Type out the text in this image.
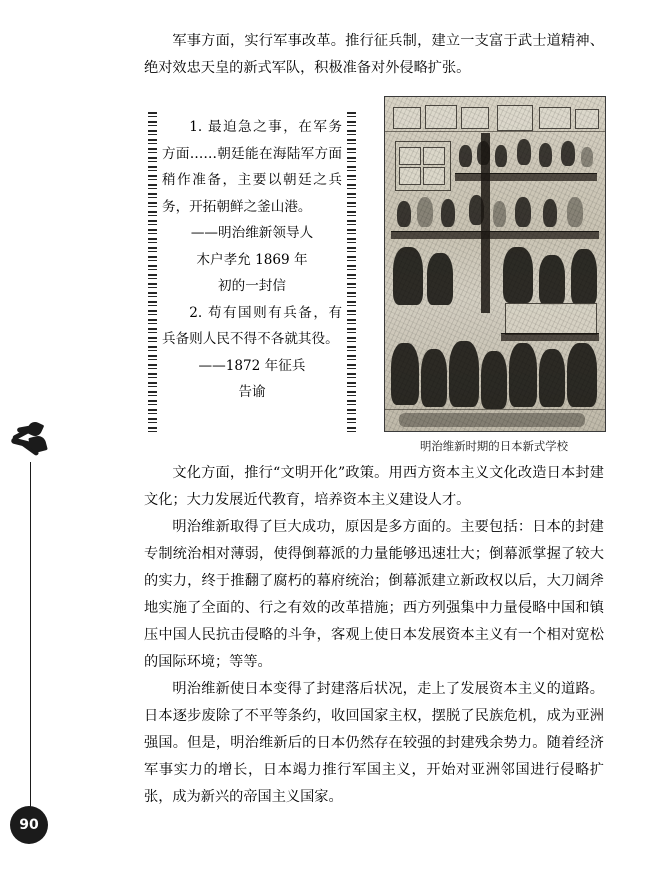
军事方面，实行军事改革。推行征兵制，建立一支富于武士道精神、绝对效忠天皇的新式军队，积极准备对外侵略扩张。

1. 最迫急之事，在军务方面……朝廷能在海陆军方面稍作准备，主要以朝廷之兵务，开拓朝鲜之釜山港。

——明治维新领导人

木户孝允 1869 年

初的一封信

2. 苟有国则有兵备，有兵备则人民不得不各就其役。

——1872 年征兵

告谕

明治维新时期的日本新式学校

文化方面，推行“文明开化”政策。用西方资本主义文化改造日本封建文化；大力发展近代教育，培养资本主义建设人才。

明治维新取得了巨大成功，原因是多方面的。主要包括：日本的封建专制统治相对薄弱，使得倒幕派的力量能够迅速壮大；倒幕派掌握了较大的实力，终于推翻了腐朽的幕府统治；倒幕派建立新政权以后，大刀阔斧地实施了全面的、行之有效的改革措施；西方列强集中力量侵略中国和镇压中国人民抗击侵略的斗争，客观上使日本发展资本主义有一个相对宽松的国际环境；等等。

明治维新使日本变得了封建落后状况，走上了发展资本主义的道路。日本逐步废除了不平等条约，收回国家主权，摆脱了民族危机，成为亚洲强国。但是，明治维新后的日本仍然存在较强的封建残余势力。随着经济军事实力的增长，日本竭力推行军国主义，开始对亚洲邻国进行侵略扩张，成为新兴的帝国主义国家。

90
